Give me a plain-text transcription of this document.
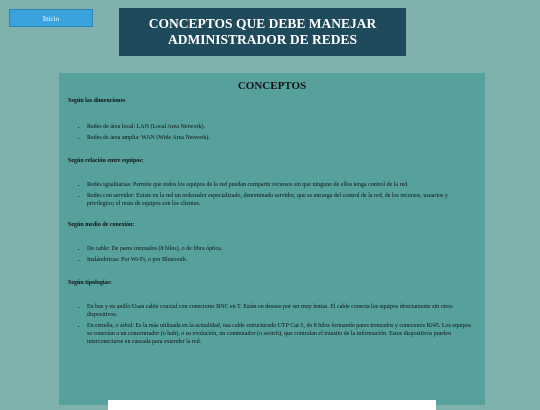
Inicio	CONCEPTOS QUE DEBE MANEJAR
ADMINISTRADOR DE REDES
CONCEPTOS

Según las dimenciones

• Redes de área local: LAN (Local Area Network).
• Redes de área amplia: WAN (Wide Area Network).

Según relación entre equipos:

• Redes igualitarias: Permite que todos los equipos de la red puedan compartir recursos sin que ninguno de ellos tenga control de la red.
• Redes con servidor: Existe en la red un ordenador especializado, denominado servidor, que se encarga del control de la red, de los recursos, usuarios y privilegios; el resto de equipos son los clientes.

Según medio de conexión:

• De cable: De pares trenzados (8 hilos), o de fibra óptica.
• Inalámbricas: Por Wi-Fi, o por Bluetooth.

Según tipologías:

• En bus y en anillo:Usan cable coaxial con conectores BNC en T. Están en desuso por ser muy lentas. El cable conecta los equipos directamente sin otros dispositivos.
• En estrella, o árbol: Es la más utilizada en la actualidad, usa cable estructurado UTP Cat-5, de 8 hilos formando pares trenzados y conectores RJ45. Los equipos se conectan a un concentrador (o hub), o su evolución, un conmutador (o switch), que controlan el tránsito de la información. Estos dispositivos pueden interconectarse en cascada para extender la red.
